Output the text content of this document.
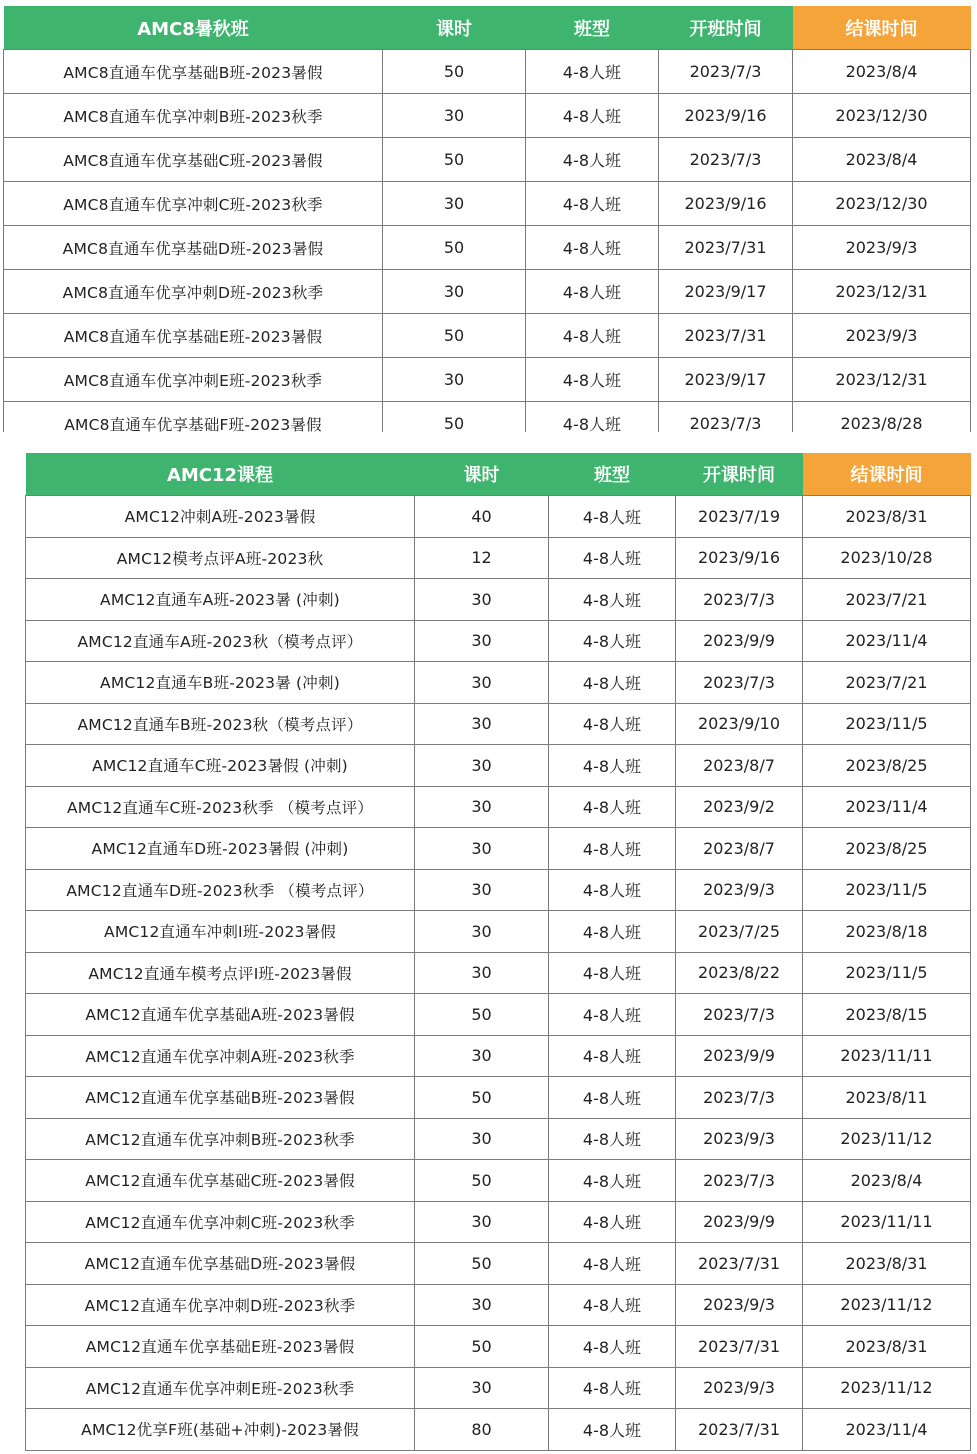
AMC8暑秋班	课时	班型	开班时间	结课时间
AMC8直通车优享基础B班-2023暑假	50	4-8人班	2023/7/3	2023/8/4
AMC8直通车优享冲刺B班-2023秋季	30	4-8人班	2023/9/16	2023/12/30
AMC8直通车优享基础C班-2023暑假	50	4-8人班	2023/7/3	2023/8/4
AMC8直通车优享冲刺C班-2023秋季	30	4-8人班	2023/9/16	2023/12/30
AMC8直通车优享基础D班-2023暑假	50	4-8人班	2023/7/31	2023/9/3
AMC8直通车优享冲刺D班-2023秋季	30	4-8人班	2023/9/17	2023/12/31
AMC8直通车优享基础E班-2023暑假	50	4-8人班	2023/7/31	2023/9/3
AMC8直通车优享冲刺E班-2023秋季	30	4-8人班	2023/9/17	2023/12/31
AMC8直通车优享基础F班-2023暑假	50	4-8人班	2023/7/3	2023/8/28
AMC12课程	课时	班型	开课时间	结课时间
AMC12冲刺A班-2023暑假	40	4-8人班	2023/7/19	2023/8/31
AMC12模考点评A班-2023秋	12	4-8人班	2023/9/16	2023/10/28
AMC12直通车A班-2023暑 (冲刺)	30	4-8人班	2023/7/3	2023/7/21
AMC12直通车A班-2023秋（模考点评）	30	4-8人班	2023/9/9	2023/11/4
AMC12直通车B班-2023暑 (冲刺)	30	4-8人班	2023/7/3	2023/7/21
AMC12直通车B班-2023秋（模考点评）	30	4-8人班	2023/9/10	2023/11/5
AMC12直通车C班-2023暑假 (冲刺)	30	4-8人班	2023/8/7	2023/8/25
AMC12直通车C班-2023秋季 （模考点评）	30	4-8人班	2023/9/2	2023/11/4
AMC12直通车D班-2023暑假 (冲刺)	30	4-8人班	2023/8/7	2023/8/25
AMC12直通车D班-2023秋季 （模考点评）	30	4-8人班	2023/9/3	2023/11/5
AMC12直通车冲刺I班-2023暑假	30	4-8人班	2023/7/25	2023/8/18
AMC12直通车模考点评I班-2023暑假	30	4-8人班	2023/8/22	2023/11/5
AMC12直通车优享基础A班-2023暑假	50	4-8人班	2023/7/3	2023/8/15
AMC12直通车优享冲刺A班-2023秋季	30	4-8人班	2023/9/9	2023/11/11
AMC12直通车优享基础B班-2023暑假	50	4-8人班	2023/7/3	2023/8/11
AMC12直通车优享冲刺B班-2023秋季	30	4-8人班	2023/9/3	2023/11/12
AMC12直通车优享基础C班-2023暑假	50	4-8人班	2023/7/3	2023/8/4
AMC12直通车优享冲刺C班-2023秋季	30	4-8人班	2023/9/9	2023/11/11
AMC12直通车优享基础D班-2023暑假	50	4-8人班	2023/7/31	2023/8/31
AMC12直通车优享冲刺D班-2023秋季	30	4-8人班	2023/9/3	2023/11/12
AMC12直通车优享基础E班-2023暑假	50	4-8人班	2023/7/31	2023/8/31
AMC12直通车优享冲刺E班-2023秋季	30	4-8人班	2023/9/3	2023/11/12
AMC12优享F班(基础+冲刺)-2023暑假	80	4-8人班	2023/7/31	2023/11/4
